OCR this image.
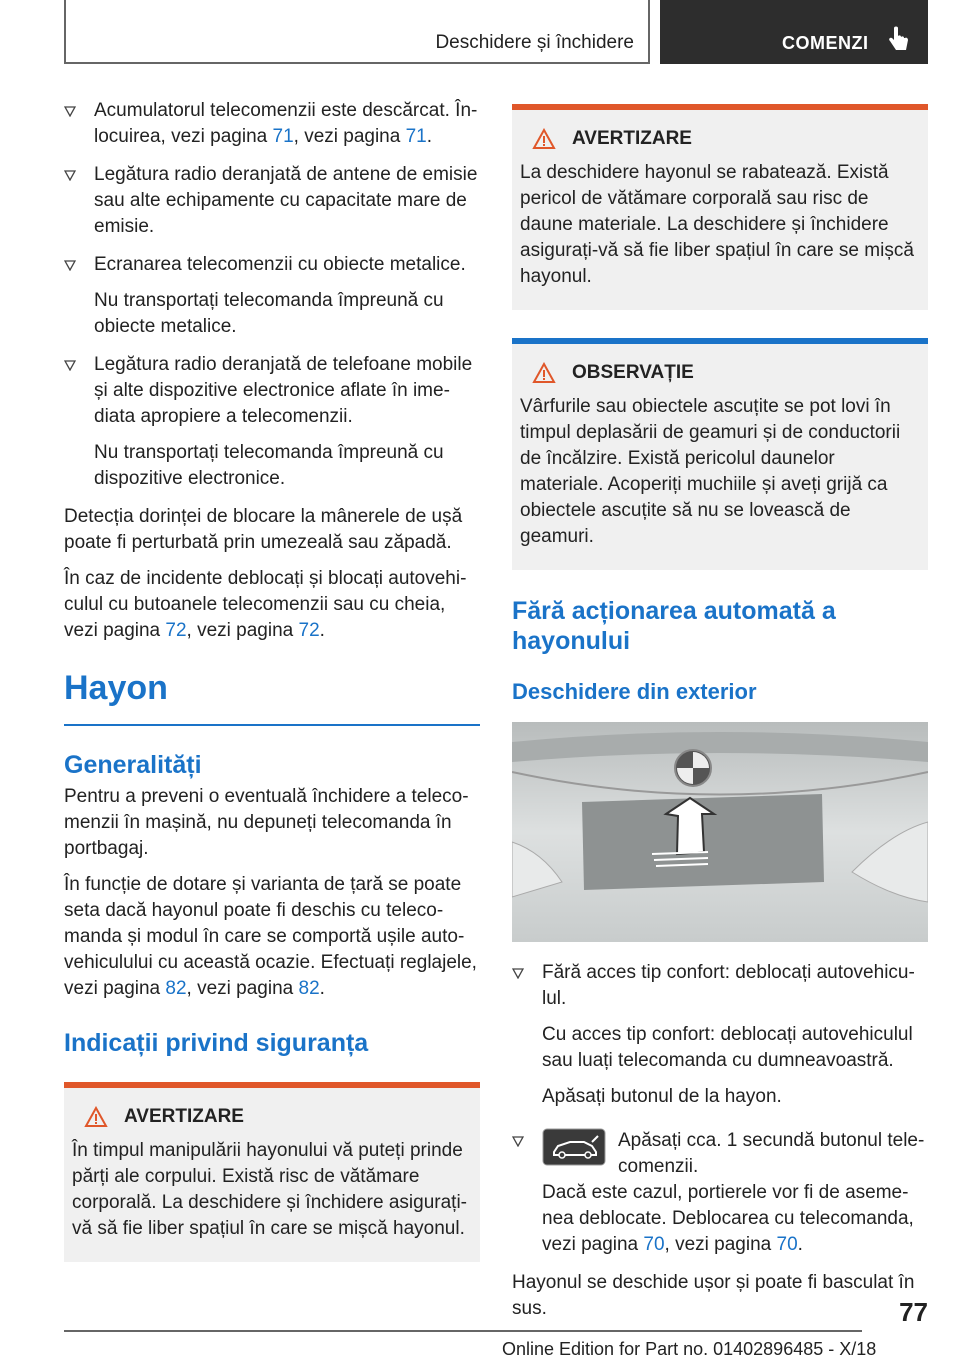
Deschidere și închidere	COMENZI

Acumulatorul telecomenzii este descărcat. Înlocuirea, vezi pagina 71, vezi pagina 71.

Legătura radio deranjată de antene de emisie sau alte echipamente cu capacitate mare de emisie.

Ecranarea telecomenzii cu obiecte metalice.

Nu transportați telecomanda împreună cu obiecte metalice.

Legătura radio deranjată de telefoane mobile și alte dispozitive electronice aflate în imediata apropiere a telecomenzii.

Nu transportați telecomanda împreună cu dispozitive electronice.

Detecția dorinței de blocare la mânerele de ușă poate fi perturbată prin umezeală sau zăpadă.

În caz de incidente deblocați și blocați autovehiculul cu butoanele telecomenzii sau cu cheia, vezi pagina 72, vezi pagina 72.

Hayon
Generalități

Pentru a preveni o eventuală închidere a telecomenzii în mașină, nu depuneți telecomanda în portbagaj.

În funcție de dotare și varianta de țară se poate seta dacă hayonul poate fi deschis cu telecomanda și modul în care se comportă ușile autovehiculului cu această ocazie. Efectuați reglajele, vezi pagina 82, vezi pagina 82.

Indicații privind siguranța
AVERTIZARE

În timpul manipulării hayonului vă puteți prinde părți ale corpului. Există risc de vătămare corporală. La deschidere și închidere asigurați-vă să fie liber spațiul în care se mișcă hayonul.

AVERTIZARE

La deschidere hayonul se rabatează. Există pericol de vătămare corporală sau risc de daune materiale. La deschidere și închidere asigurați-vă să fie liber spațiul în care se mișcă hayonul.

OBSERVAȚIE

Vârfurile sau obiectele ascuțite se pot lovi în timpul deplasării de geamuri și de conductorii de încălzire. Există pericolul daunelor materiale. Acoperiți muchiile și aveți grijă ca obiectele ascuțite să nu se lovească de geamuri.

Fără acționarea automată a hayonului
Deschidere din exterior

Fără acces tip confort: deblocați autovehiculul.

Cu acces tip confort: deblocați autovehiculul sau luați telecomanda cu dumneavoastră.

Apăsați butonul de la hayon.

Apăsați cca. 1 secundă butonul telecomenzii.

Dacă este cazul, portierele vor fi de asemenea deblocate. Deblocarea cu telecomanda, vezi pagina 70, vezi pagina 70.

Hayonul se deschide ușor și poate fi basculat în sus.	77
Online Edition for Part no. 01402896485 - X/18
